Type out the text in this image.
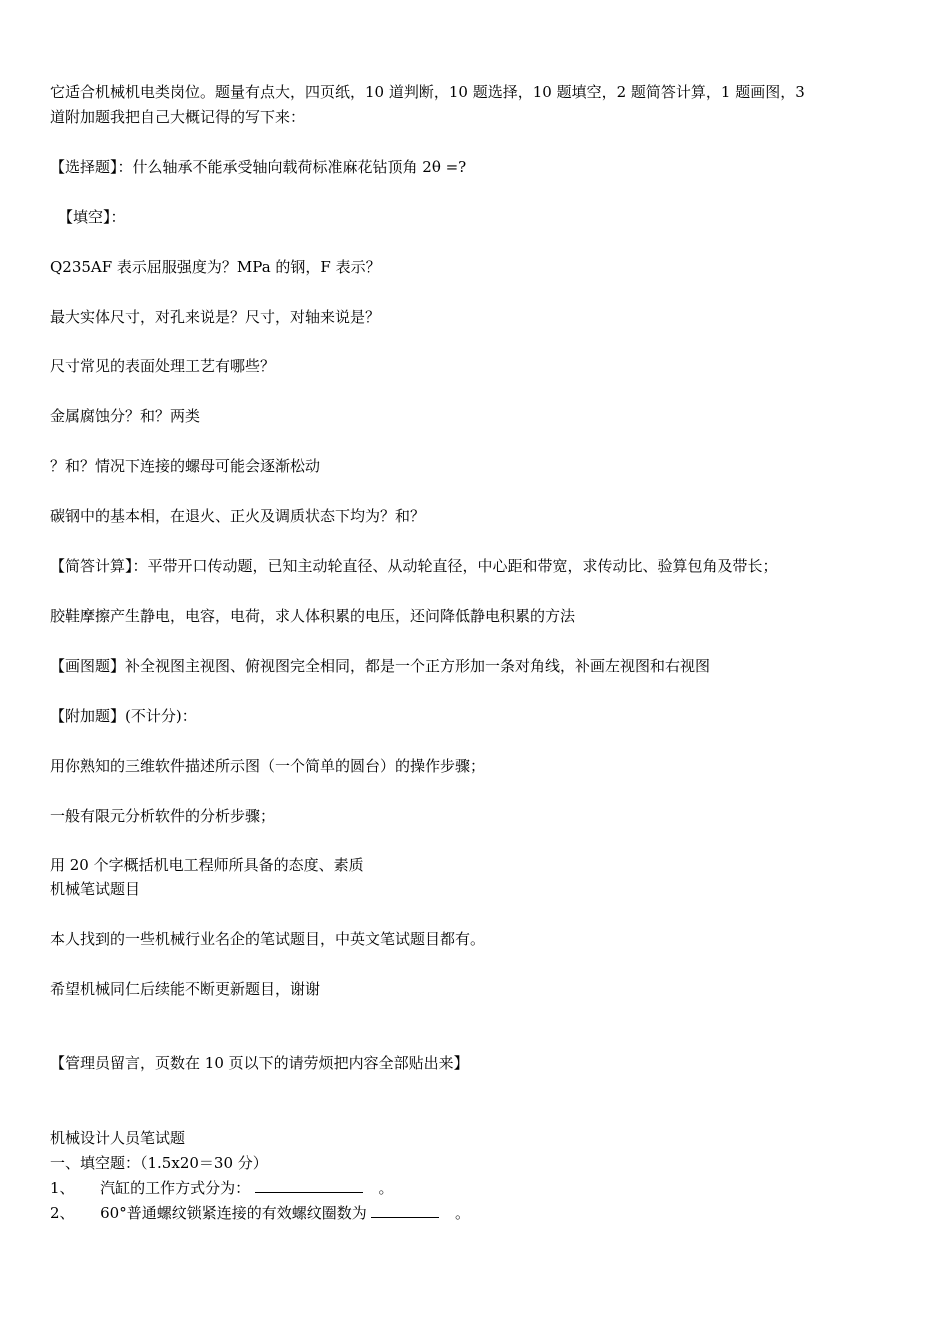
它适合机械机电类岗位。题量有点大，四页纸，10 道判断，10 题选择，10 题填空，2 题简答计算，1 题画图，3
道附加题我把自己大概记得的写下来：
【选择题】：什么轴承不能承受轴向载荷标准麻花钻顶角 2θ =?
【填空】：
Q235AF 表示屈服强度为？MPa 的钢，F 表示？
最大实体尺寸，对孔来说是？尺寸，对轴来说是？
尺寸常见的表面处理工艺有哪些？
金属腐蚀分？和？两类
？和？情况下连接的螺母可能会逐渐松动
碳钢中的基本相，在退火、正火及调质状态下均为？和？
【简答计算】：平带开口传动题，已知主动轮直径、从动轮直径，中心距和带宽，求传动比、验算包角及带长；
胶鞋摩擦产生静电，电容，电荷，求人体积累的电压，还问降低静电积累的方法
【画图题】补全视图主视图、俯视图完全相同，都是一个正方形加一条对角线，补画左视图和右视图
【附加题】(不计分)：
用你熟知的三维软件描述所示图（一个简单的圆台）的操作步骤；
一般有限元分析软件的分析步骤；
用 20 个字概括机电工程师所具备的态度、素质
机械笔试题目
本人找到的一些机械行业名企的笔试题目，中英文笔试题目都有。
希望机械同仁后续能不断更新题目，谢谢
【管理员留言，页数在 10 页以下的请劳烦把内容全部贴出来】
机械设计人员笔试题
一、填空题：（1.5x20＝30 分）
1、 汽缸的工作方式分为：	。
2、 60°普通螺纹锁紧连接的有效螺纹圈数为	。
